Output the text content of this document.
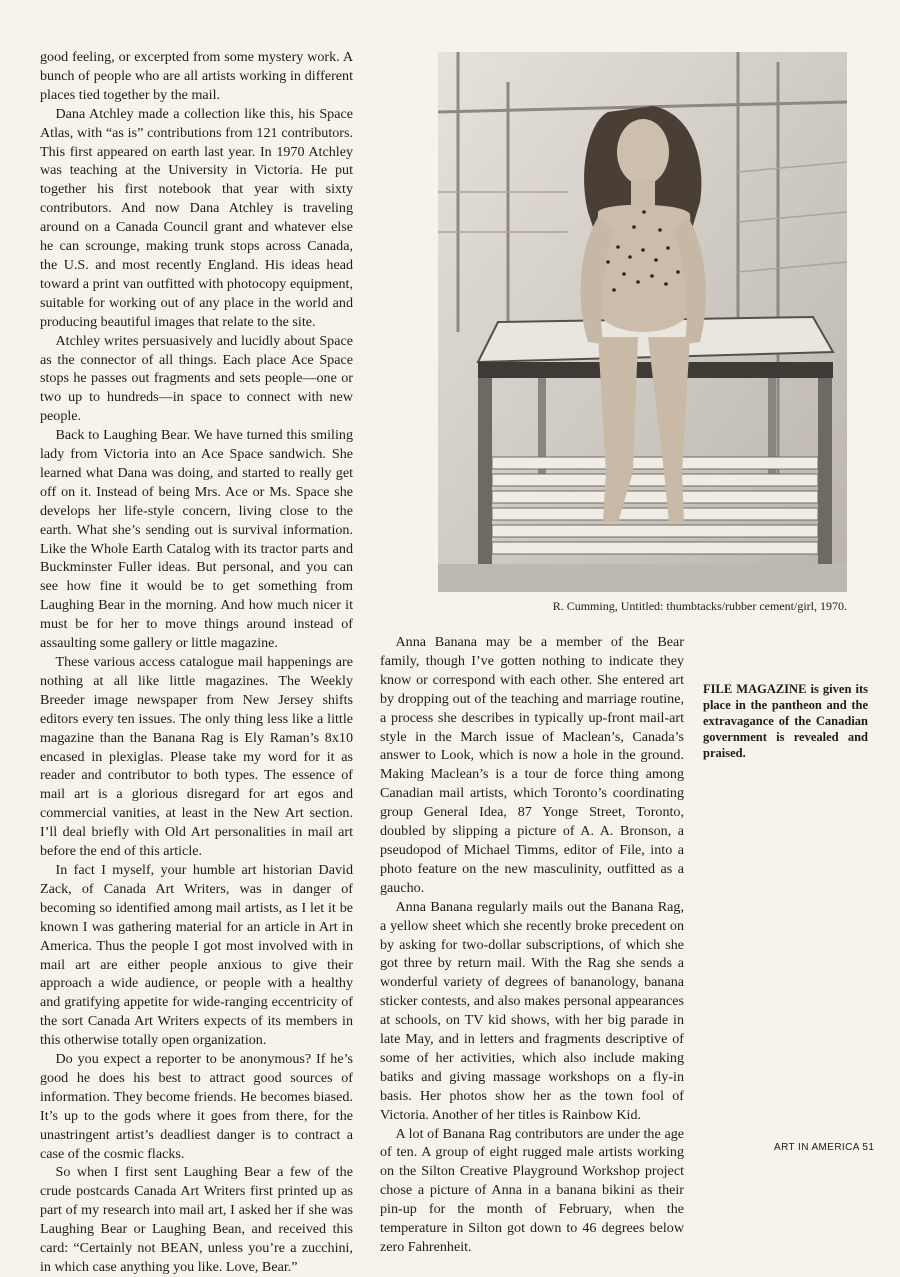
good feeling, or excerpted from some mystery work. A bunch of people who are all artists working in different places tied together by the mail.

Dana Atchley made a collection like this, his Space Atlas, with “as is” contributions from 121 contributors. This first appeared on earth last year. In 1970 Atchley was teaching at the University in Victoria. He put together his first notebook that year with sixty contributors. And now Dana Atchley is traveling around on a Canada Council grant and whatever else he can scrounge, making trunk stops across Canada, the U.S. and most recently England. His ideas head toward a print van outfitted with photocopy equipment, suitable for working out of any place in the world and producing beautiful images that relate to the site.

Atchley writes persuasively and lucidly about Space as the connector of all things. Each place Ace Space stops he passes out fragments and sets people—one or two up to hundreds—in space to connect with new people.

Back to Laughing Bear. We have turned this smiling lady from Victoria into an Ace Space sandwich. She learned what Dana was doing, and started to really get off on it. Instead of being Mrs. Ace or Ms. Space she develops her life-style concern, living close to the earth. What she’s sending out is survival information. Like the Whole Earth Catalog with its tractor parts and Buckminster Fuller ideas. But personal, and you can see how fine it would be to get something from Laughing Bear in the morning. And how much nicer it must be for her to move things around instead of assaulting some gallery or little magazine.

These various access catalogue mail happenings are nothing at all like little magazines. The Weekly Breeder image newspaper from New Jersey shifts editors every ten issues. The only thing less like a little magazine than the Banana Rag is Ely Raman’s 8x10 encased in plexiglas. Please take my word for it as reader and contributor to both types. The essence of mail art is a glorious disregard for art egos and commercial vanities, at least in the New Art section. I’ll deal briefly with Old Art personalities in mail art before the end of this article.

In fact I myself, your humble art historian David Zack, of Canada Art Writers, was in danger of becoming so identified among mail artists, as I let it be known I was gathering material for an article in Art in America. Thus the people I got most involved with in mail art are either people anxious to give their approach a wide audience, or people with a healthy and gratifying appetite for wide-ranging eccentricity of the sort Canada Art Writers expects of its members in this otherwise totally open organization.

Do you expect a reporter to be anonymous? If he’s good he does his best to attract good sources of information. They become friends. He becomes biased. It’s up to the gods where it goes from there, for the unastringent artist’s deadliest danger is to contract a case of the cosmic flacks.

So when I first sent Laughing Bear a few of the crude postcards Canada Art Writers first printed up as part of my research into mail art, I asked her if she was Laughing Bear or Laughing Bean, and received this card: “Certainly not BEAN, unless you’re a zucchini, in which case anything you like. Love, Bear.”

R. Cumming, Untitled: thumbtacks/rubber cement/girl, 1970.

Anna Banana may be a member of the Bear family, though I’ve gotten nothing to indicate they know or correspond with each other. She entered art by dropping out of the teaching and marriage routine, a process she describes in typically up-front mail-art style in the March issue of Maclean’s, Canada’s answer to Look, which is now a hole in the ground. Making Maclean’s is a tour de force thing among Canadian mail artists, which Toronto’s coordinating group General Idea, 87 Yonge Street, Toronto, doubled by slipping a picture of A. A. Bronson, a pseudopod of Michael Timms, editor of File, into a photo feature on the new masculinity, outfitted as a gaucho.

Anna Banana regularly mails out the Banana Rag, a yellow sheet which she recently broke precedent on by asking for two-dollar subscriptions, of which she got three by return mail. With the Rag she sends a wonderful variety of degrees of bananology, banana sticker contests, and also makes personal appearances at schools, on TV kid shows, with her big parade in late May, and in letters and fragments descriptive of some of her activities, which also include making batiks and giving massage workshops on a fly-in basis. Her photos show her as the town fool of Victoria. Another of her titles is Rainbow Kid.

A lot of Banana Rag contributors are under the age of ten. A group of eight rugged male artists working on the Silton Creative Playground Workshop project chose a picture of Anna in a banana bikini as their pin-up for the month of February, when the temperature in Silton got down to 46 degrees below zero Fahrenheit.

FILE MAGAZINE is given its place in the pantheon and the extravagance of the Canadian government is revealed and praised.
ART IN AMERICA 51
